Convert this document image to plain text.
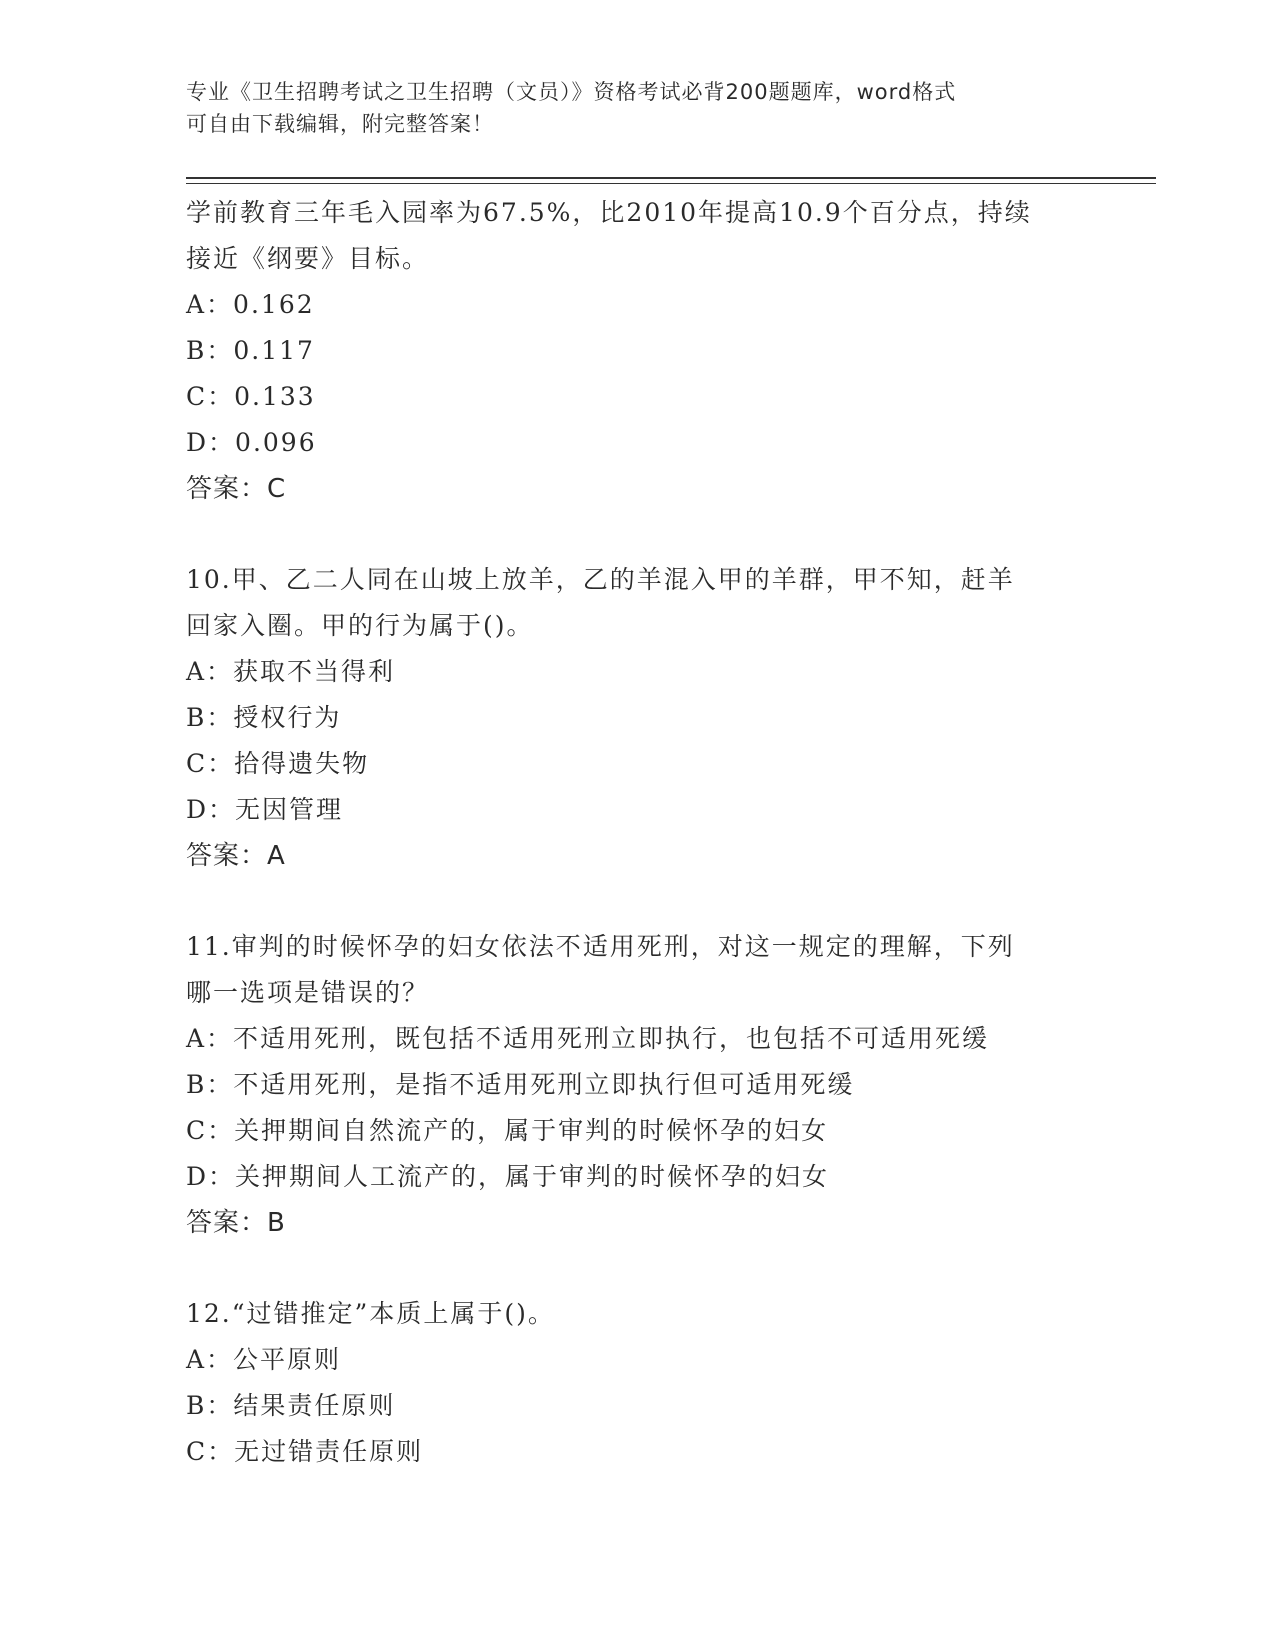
专业《卫生招聘考试之卫生招聘（文员）》资格考试必背200题题库，word格式
可自由下载编辑，附完整答案！
学前教育三年毛入园率为67.5%，比2010年提高10.9个百分点，持续
接近《纲要》目标。
A：0.162
B：0.117
C：0.133
D：0.096
答案：C
10.甲、乙二人同在山坡上放羊，乙的羊混入甲的羊群，甲不知，赶羊
回家入圈。甲的行为属于()。
A：获取不当得利
B：授权行为
C：拾得遗失物
D：无因管理
答案：A
11.审判的时候怀孕的妇女依法不适用死刑，对这一规定的理解，下列
哪一选项是错误的？
A：不适用死刑，既包括不适用死刑立即执行，也包括不可适用死缓
B：不适用死刑，是指不适用死刑立即执行但可适用死缓
C：关押期间自然流产的，属于审判的时候怀孕的妇女
D：关押期间人工流产的，属于审判的时候怀孕的妇女
答案：B
12.“过错推定”本质上属于()。
A：公平原则
B：结果责任原则
C：无过错责任原则
